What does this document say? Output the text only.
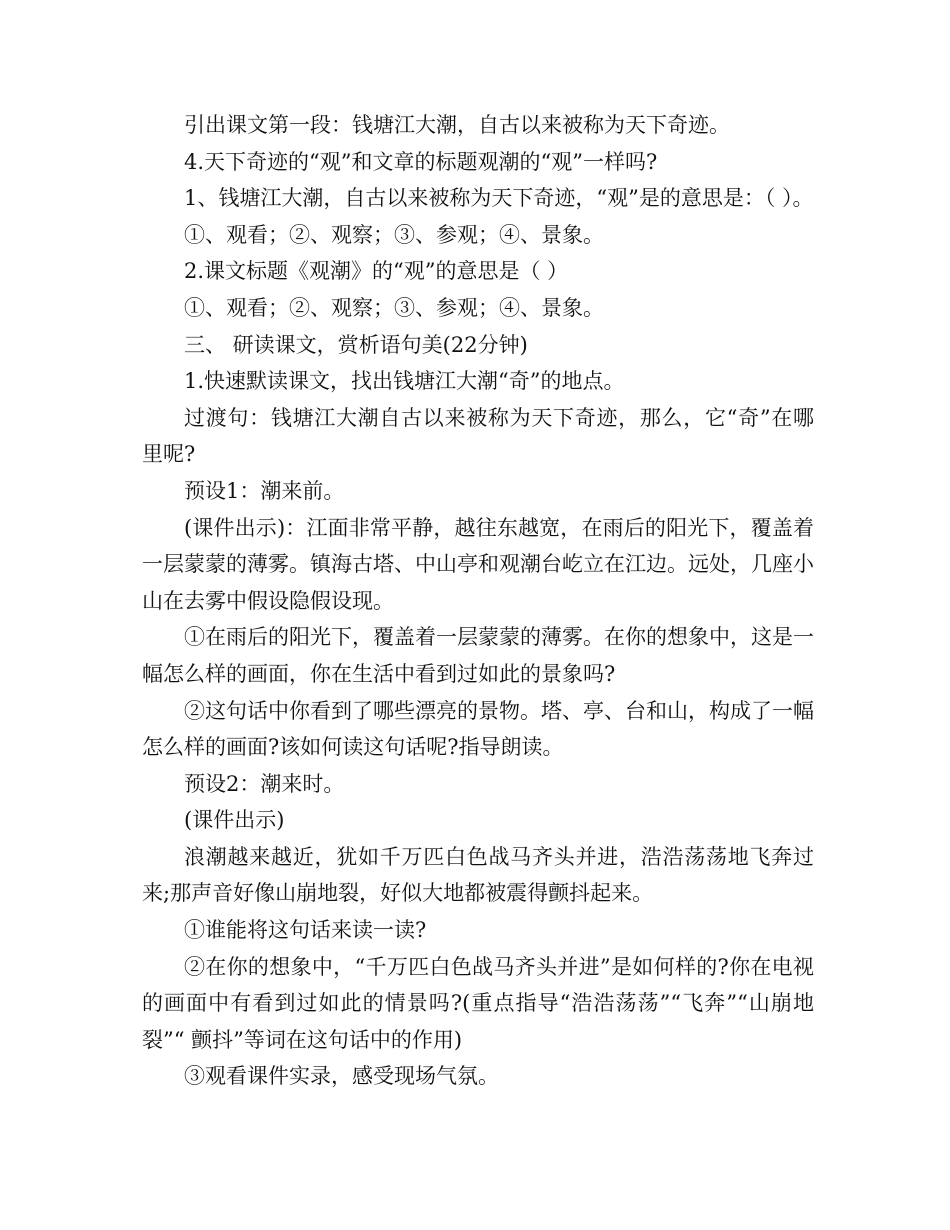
引出课文第一段：钱塘江大潮，自古以来被称为天下奇迹。

4.天下奇迹的“观”和文章的标题观潮的“观”一样吗?

1、钱塘江大潮，自古以来被称为天下奇迹，“观”是的意思是：（ ）。

①、观看；②、观察；③、参观；④、景象。

2.课文标题《观潮》的“观”的意思是（ ）

①、观看；②、观察；③、参观；④、景象。

三、 研读课文，赏析语句美(22分钟)

1.快速默读课文，找出钱塘江大潮“奇”的地点。

过渡句：钱塘江大潮自古以来被称为天下奇迹，那么，它“奇”在哪里呢?

预设1：潮来前。

(课件出示)：江面非常平静，越往东越宽，在雨后的阳光下，覆盖着一层蒙蒙的薄雾。镇海古塔、中山亭和观潮台屹立在江边。远处，几座小山在去雾中假设隐假设现。

①在雨后的阳光下，覆盖着一层蒙蒙的薄雾。在你的想象中，这是一幅怎么样的画面，你在生活中看到过如此的景象吗?

②这句话中你看到了哪些漂亮的景物。塔、亭、台和山，构成了一幅怎么样的画面?该如何读这句话呢?指导朗读。

预设2：潮来时。

(课件出示)

浪潮越来越近，犹如千万匹白色战马齐头并进，浩浩荡荡地飞奔过来;那声音好像山崩地裂，好似大地都被震得颤抖起来。

①谁能将这句话来读一读?

②在你的想象中，“千万匹白色战马齐头并进”是如何样的?你在电视的画面中有看到过如此的情景吗?(重点指导“浩浩荡荡”“飞奔”“山崩地裂”“ 颤抖”等词在这句话中的作用)

③观看课件实录，感受现场气氛。
